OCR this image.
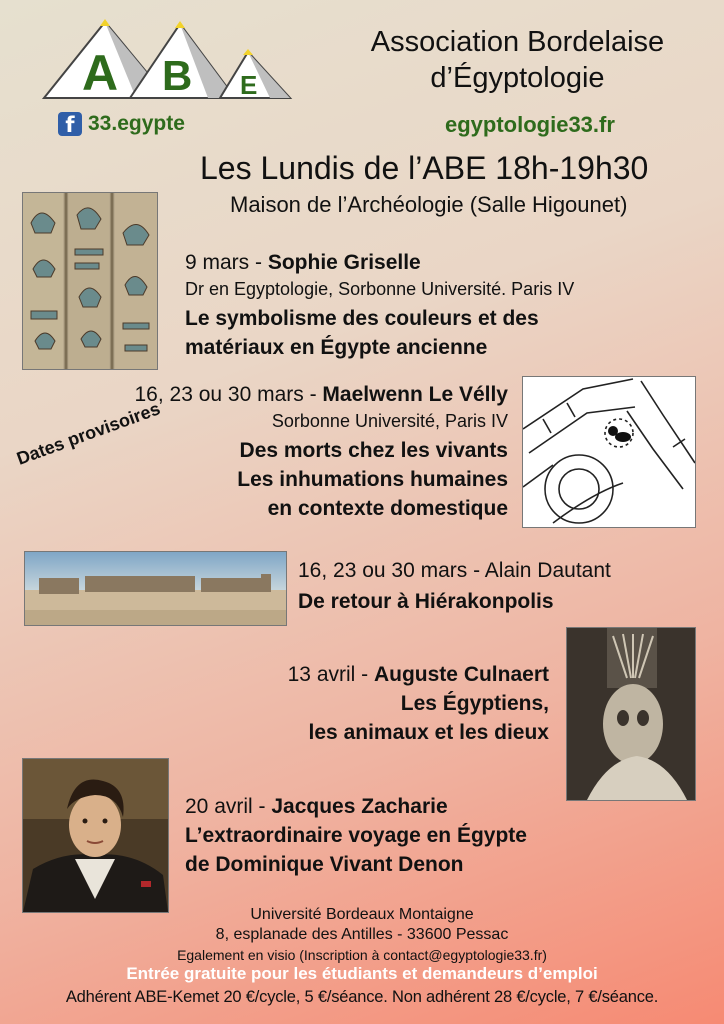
A B E
f 33.egypte
Association Bordelaise
d’Égyptologie
egyptologie33.fr
Les Lundis de l’ABE 18h-19h30
Maison de l’Archéologie (Salle Higounet)
9 mars - Sophie Griselle
Dr en Egyptologie, Sorbonne Université. Paris IV
Le symbolisme des couleurs et des
matériaux en Égypte ancienne
16, 23 ou 30 mars - Maelwenn Le Vélly
Sorbonne Université, Paris IV
Des morts chez les vivants
Les inhumations humaines
en contexte domestique
Dates provisoires
16, 23 ou 30 mars - Alain Dautant
De retour à Hiérakonpolis
13 avril - Auguste Culnaert
Les Égyptiens,
les animaux et les dieux
20 avril - Jacques Zacharie
L’extraordinaire voyage en Égypte
de Dominique Vivant Denon
Université Bordeaux Montaigne
8, esplanade des Antilles - 33600 Pessac
Egalement en visio (Inscription à contact@egyptologie33.fr)
Entrée gratuite pour les étudiants et demandeurs d’emploi
Adhérent ABE-Kemet 20 €/cycle, 5 €/séance. Non adhérent 28 €/cycle, 7 €/séance.
